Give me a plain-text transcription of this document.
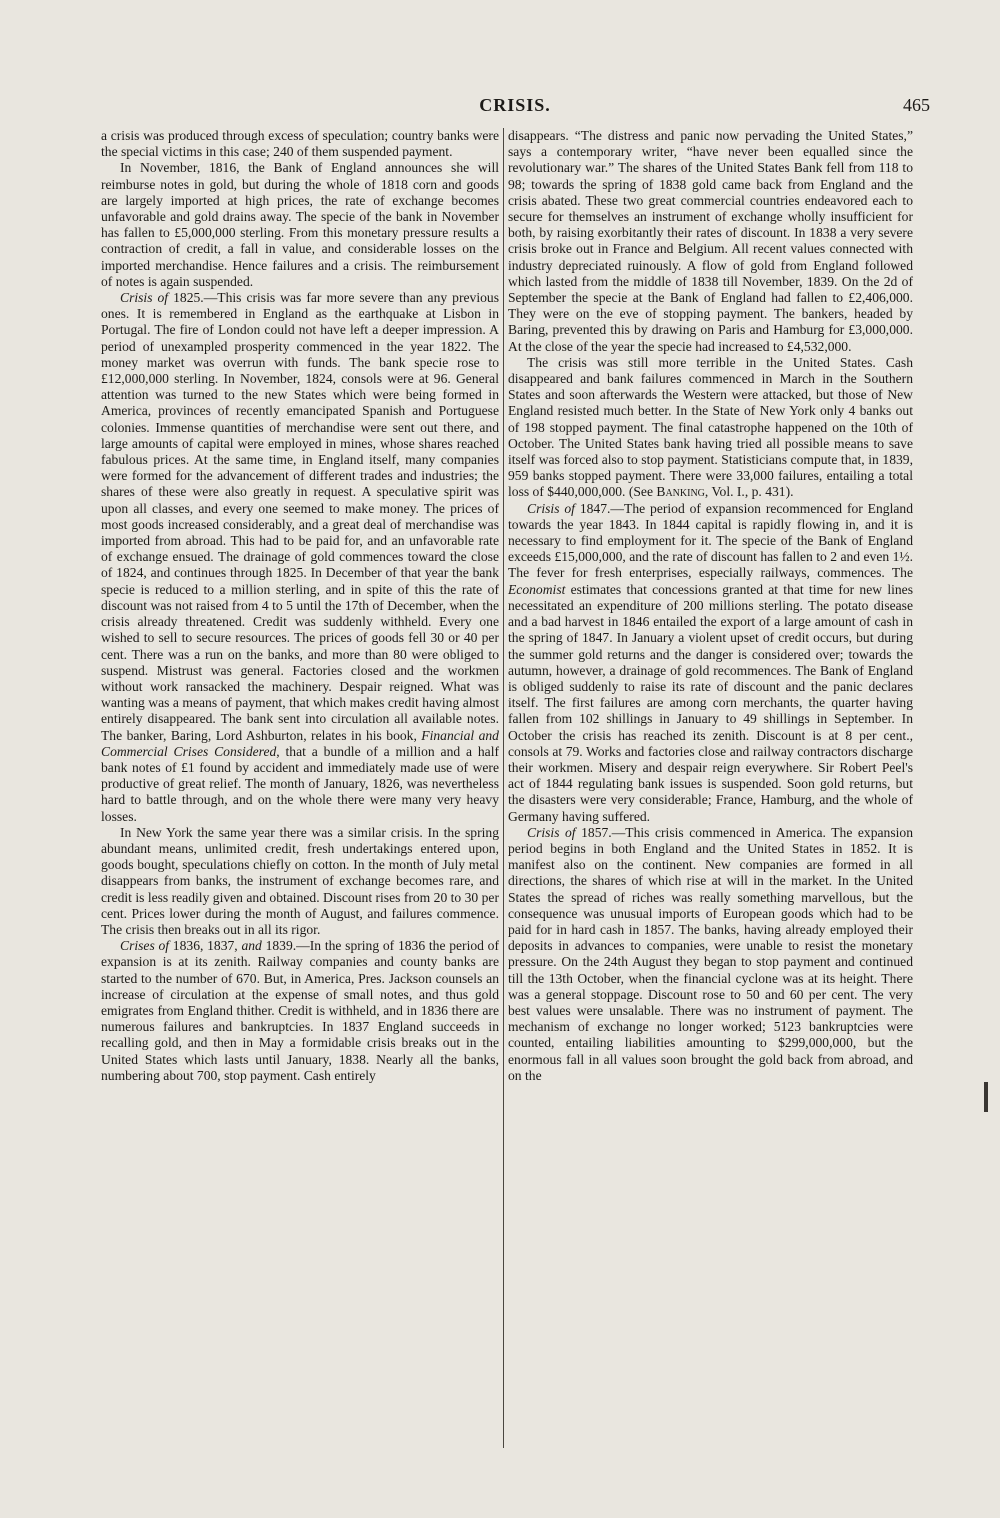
CRISIS.	465

a crisis was produced through excess of speculation; country banks were the special victims in this case; 240 of them suspended payment.

In November, 1816, the Bank of England announces she will reimburse notes in gold, but during the whole of 1818 corn and goods are largely imported at high prices, the rate of exchange becomes unfavorable and gold drains away. The specie of the bank in November has fallen to £5,000,000 sterling. From this monetary pressure results a contraction of credit, a fall in value, and considerable losses on the imported merchandise. Hence failures and a crisis. The reimbursement of notes is again suspended.

Crisis of 1825.—This crisis was far more severe than any previous ones. It is remembered in England as the earthquake at Lisbon in Portugal. The fire of London could not have left a deeper impression. A period of unexampled prosperity commenced in the year 1822. The money market was overrun with funds. The bank specie rose to £12,000,000 sterling. In November, 1824, consols were at 96. General attention was turned to the new States which were being formed in America, provinces of recently emancipated Spanish and Portuguese colonies. Immense quantities of merchandise were sent out there, and large amounts of capital were employed in mines, whose shares reached fabulous prices. At the same time, in England itself, many companies were formed for the advancement of different trades and industries; the shares of these were also greatly in request. A speculative spirit was upon all classes, and every one seemed to make money. The prices of most goods increased considerably, and a great deal of merchandise was imported from abroad. This had to be paid for, and an unfavorable rate of exchange ensued. The drainage of gold commences toward the close of 1824, and continues through 1825. In December of that year the bank specie is reduced to a million sterling, and in spite of this the rate of discount was not raised from 4 to 5 until the 17th of December, when the crisis already threatened. Credit was suddenly withheld. Every one wished to sell to secure resources. The prices of goods fell 30 or 40 per cent. There was a run on the banks, and more than 80 were obliged to suspend. Mistrust was general. Factories closed and the workmen without work ransacked the machinery. Despair reigned. What was wanting was a means of payment, that which makes credit having almost entirely disappeared. The bank sent into circulation all available notes. The banker, Baring, Lord Ashburton, relates in his book, Financial and Commercial Crises Considered, that a bundle of a million and a half bank notes of £1 found by accident and immediately made use of were productive of great relief. The month of January, 1826, was nevertheless hard to battle through, and on the whole there were many very heavy losses.

In New York the same year there was a similar crisis. In the spring abundant means, unlimited credit, fresh undertakings entered upon, goods bought, speculations chiefly on cotton. In the month of July metal disappears from banks, the instrument of exchange becomes rare, and credit is less readily given and obtained. Discount rises from 20 to 30 per cent. Prices lower during the month of August, and failures commence. The crisis then breaks out in all its rigor.

Crises of 1836, 1837, and 1839.—In the spring of 1836 the period of expansion is at its zenith. Railway companies and county banks are started to the number of 670. But, in America, Pres. Jackson counsels an increase of circulation at the expense of small notes, and thus gold emigrates from England thither. Credit is withheld, and in 1836 there are numerous failures and bankruptcies. In 1837 England succeeds in recalling gold, and then in May a formidable crisis breaks out in the United States which lasts until January, 1838. Nearly all the banks, numbering about 700, stop payment. Cash entirely

disappears. “The distress and panic now pervading the United States,” says a contemporary writer, “have never been equalled since the revolutionary war.” The shares of the United States Bank fell from 118 to 98; towards the spring of 1838 gold came back from England and the crisis abated. These two great commercial countries endeavored each to secure for themselves an instrument of exchange wholly insufficient for both, by raising exorbitantly their rates of discount. In 1838 a very severe crisis broke out in France and Belgium. All recent values connected with industry depreciated ruinously. A flow of gold from England followed which lasted from the middle of 1838 till November, 1839. On the 2d of September the specie at the Bank of England had fallen to £2,406,000. They were on the eve of stopping payment. The bankers, headed by Baring, prevented this by drawing on Paris and Hamburg for £3,000,000. At the close of the year the specie had increased to £4,532,000.

The crisis was still more terrible in the United States. Cash disappeared and bank failures commenced in March in the Southern States and soon afterwards the Western were attacked, but those of New England resisted much better. In the State of New York only 4 banks out of 198 stopped payment. The final catastrophe happened on the 10th of October. The United States bank having tried all possible means to save itself was forced also to stop payment. Statisticians compute that, in 1839, 959 banks stopped payment. There were 33,000 failures, entailing a total loss of $440,000,000. (See Banking, Vol. I., p. 431).

Crisis of 1847.—The period of expansion recommenced for England towards the year 1843. In 1844 capital is rapidly flowing in, and it is necessary to find employment for it. The specie of the Bank of England exceeds £15,000,000, and the rate of discount has fallen to 2 and even 1½. The fever for fresh enterprises, especially railways, commences. The Economist estimates that concessions granted at that time for new lines necessitated an expenditure of 200 millions sterling. The potato disease and a bad harvest in 1846 entailed the export of a large amount of cash in the spring of 1847. In January a violent upset of credit occurs, but during the summer gold returns and the danger is considered over; towards the autumn, however, a drainage of gold recommences. The Bank of England is obliged suddenly to raise its rate of discount and the panic declares itself. The first failures are among corn merchants, the quarter having fallen from 102 shillings in January to 49 shillings in September. In October the crisis has reached its zenith. Discount is at 8 per cent., consols at 79. Works and factories close and railway contractors discharge their workmen. Misery and despair reign everywhere. Sir Robert Peel's act of 1844 regulating bank issues is suspended. Soon gold returns, but the disasters were very considerable; France, Hamburg, and the whole of Germany having suffered.

Crisis of 1857.—This crisis commenced in America. The expansion period begins in both England and the United States in 1852. It is manifest also on the continent. New companies are formed in all directions, the shares of which rise at will in the market. In the United States the spread of riches was really something marvellous, but the consequence was unusual imports of European goods which had to be paid for in hard cash in 1857. The banks, having already employed their deposits in advances to companies, were unable to resist the monetary pressure. On the 24th August they began to stop payment and continued till the 13th October, when the financial cyclone was at its height. There was a general stoppage. Discount rose to 50 and 60 per cent. The very best values were unsalable. There was no instrument of payment. The mechanism of exchange no longer worked; 5123 bankruptcies were counted, entailing liabilities amounting to $299,000,000, but the enormous fall in all values soon brought the gold back from abroad, and on the
